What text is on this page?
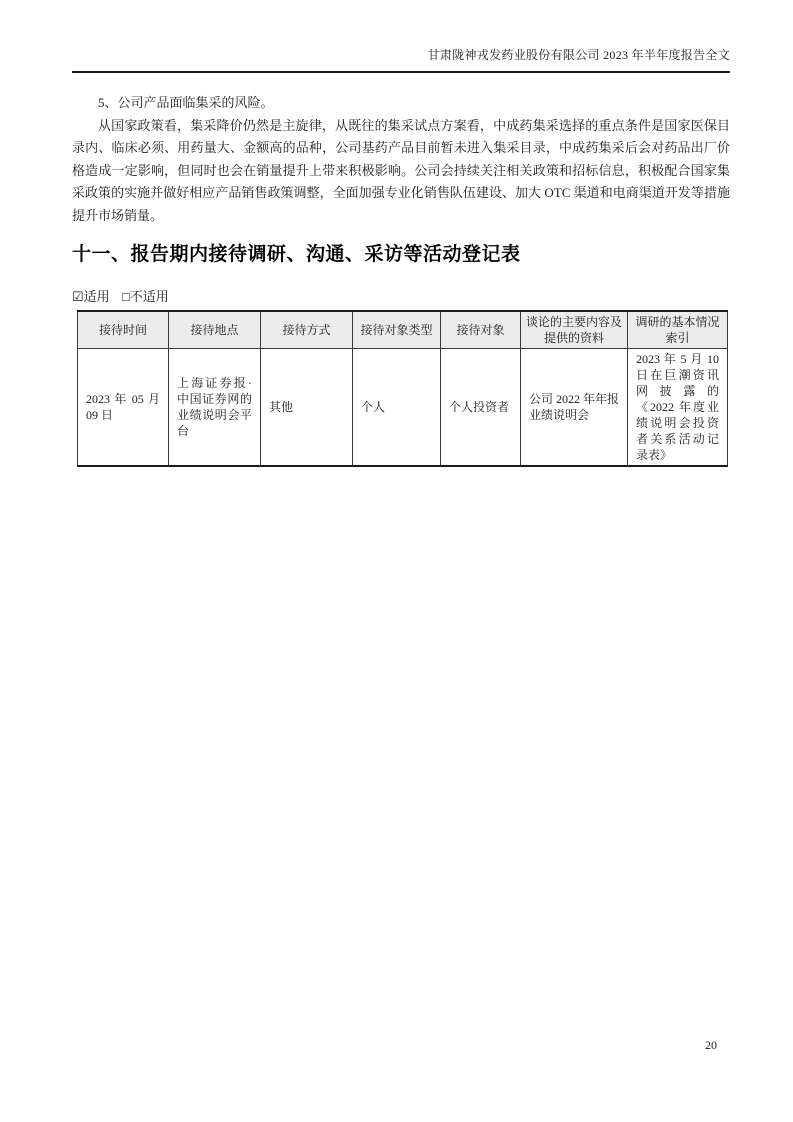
甘肃陇神戎发药业股份有限公司 2023 年半年度报告全文

5、公司产品面临集采的风险。

从国家政策看，集采降价仍然是主旋律，从既往的集采试点方案看，中成药集采选择的重点条件是国家医保目录内、临床必须、用药量大、金额高的品种，公司基药产品目前暂未进入集采目录，中成药集采后会对药品出厂价格造成一定影响，但同时也会在销量提升上带来积极影响。公司会持续关注相关政策和招标信息，积极配合国家集采政策的实施并做好相应产品销售政策调整，全面加强专业化销售队伍建设、加大 OTC 渠道和电商渠道开发等措施提升市场销量。

十一、报告期内接待调研、沟通、采访等活动登记表
☑适用 □不适用
接待时间	接待地点	接待方式	接待对象类型	接待对象	谈论的主要内容及提供的资料	调研的基本情况索引
2023 年 05 月 09 日	上海证券报·中国证券网的业绩说明会平台	其他	个人	个人投资者	公司 2022 年年报业绩说明会	2023 年 5 月 10 日在巨潮资讯网披露的《2022 年度业绩说明会投资者关系活动记录表》
20
